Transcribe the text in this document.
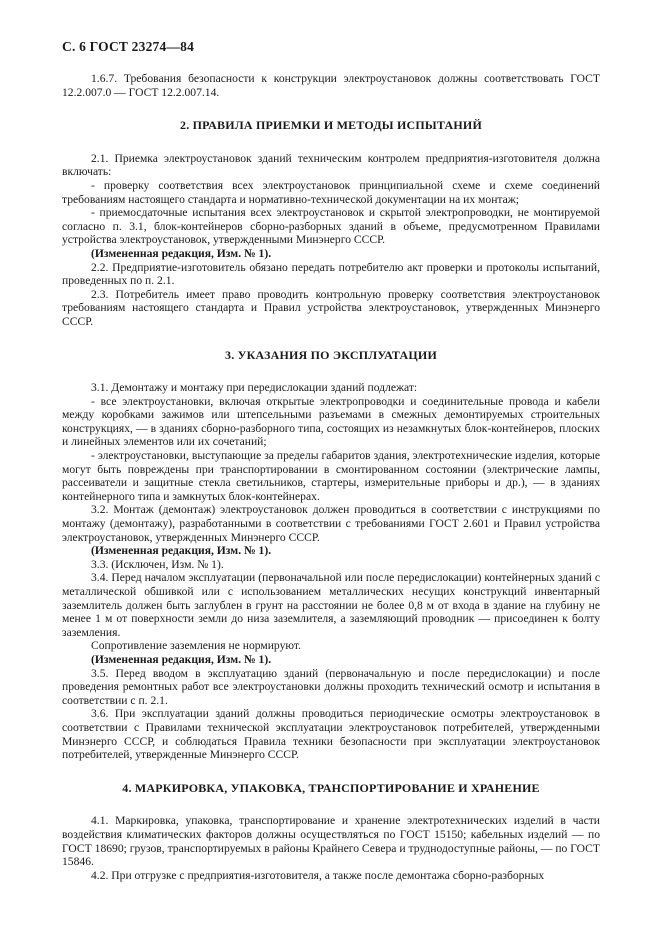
С. 6 ГОСТ 23274—84

1.6.7. Требования безопасности к конструкции электроустановок должны соответствовать ГОСТ 12.2.007.0 — ГОСТ 12.2.007.14.

2. ПРАВИЛА ПРИЕМКИ И МЕТОДЫ ИСПЫТАНИЙ

2.1. Приемка электроустановок зданий техническим контролем предприятия-изготовителя должна включать:

- проверку соответствия всех электроустановок принципиальной схеме и схеме соединений требованиям настоящего стандарта и нормативно-технической документации на их монтаж;

- приемосдаточные испытания всех электроустановок и скрытой электропроводки, не монтируемой согласно п. 3.1, блок-контейнеров сборно-разборных зданий в объеме, предусмотренном Правилами устройства электроустановок, утвержденными Минэнерго СССР.

(Измененная редакция, Изм. № 1).

2.2. Предприятие-изготовитель обязано передать потребителю акт проверки и протоколы испытаний, проведенных по п. 2.1.

2.3. Потребитель имеет право проводить контрольную проверку соответствия электроустановок требованиям настоящего стандарта и Правил устройства электроустановок, утвержденных Минэнерго СССР.

3. УКАЗАНИЯ ПО ЭКСПЛУАТАЦИИ

3.1. Демонтажу и монтажу при передислокации зданий подлежат:

- все электроустановки, включая открытые электропроводки и соединительные провода и кабели между коробками зажимов или штепсельными разъемами в смежных демонтируемых строительных конструкциях, — в зданиях сборно-разборного типа, состоящих из незамкнутых блок-контейнеров, плоских и линейных элементов или их сочетаний;

- электроустановки, выступающие за пределы габаритов здания, электротехнические изделия, которые могут быть повреждены при транспортировании в смонтированном состоянии (электрические лампы, рассеиватели и защитные стекла светильников, стартеры, измерительные приборы и др.), — в зданиях контейнерного типа и замкнутых блок-контейнерах.

3.2. Монтаж (демонтаж) электроустановок должен проводиться в соответствии с инструкциями по монтажу (демонтажу), разработанными в соответствии с требованиями ГОСТ 2.601 и Правил устройства электроустановок, утвержденных Минэнерго СССР.

(Измененная редакция, Изм. № 1).

3.3. (Исключен, Изм. № 1).

3.4. Перед началом эксплуатации (первоначальной или после передислокации) контейнерных зданий с металлической обшивкой или с использованием металлических несущих конструкций инвентарный заземлитель должен быть заглублен в грунт на расстоянии не более 0,8 м от входа в здание на глубину не менее 1 м от поверхности земли до низа заземлителя, а заземляющий проводник — присоединен к болту заземления.

Сопротивление заземления не нормируют.

(Измененная редакция, Изм. № 1).

3.5. Перед вводом в эксплуатацию зданий (первоначальную и после передислокации) и после проведения ремонтных работ все электроустановки должны проходить технический осмотр и испытания в соответствии с п. 2.1.

3.6. При эксплуатации зданий должны проводиться периодические осмотры электроустановок в соответствии с Правилами технической эксплуатации электроустановок потребителей, утвержденными Минэнерго СССР, и соблюдаться Правила техники безопасности при эксплуатации электроустановок потребителей, утвержденные Минэнерго СССР.

4. МАРКИРОВКА, УПАКОВКА, ТРАНСПОРТИРОВАНИЕ И ХРАНЕНИЕ

4.1. Маркировка, упаковка, транспортирование и хранение электротехнических изделий в части воздействия климатических факторов должны осуществляться по ГОСТ 15150; кабельных изделий — по ГОСТ 18690; грузов, транспортируемых в районы Крайнего Севера и труднодоступные районы, — по ГОСТ 15846.

4.2. При отгрузке с предприятия-изготовителя, а также после демонтажа сборно-разборных
